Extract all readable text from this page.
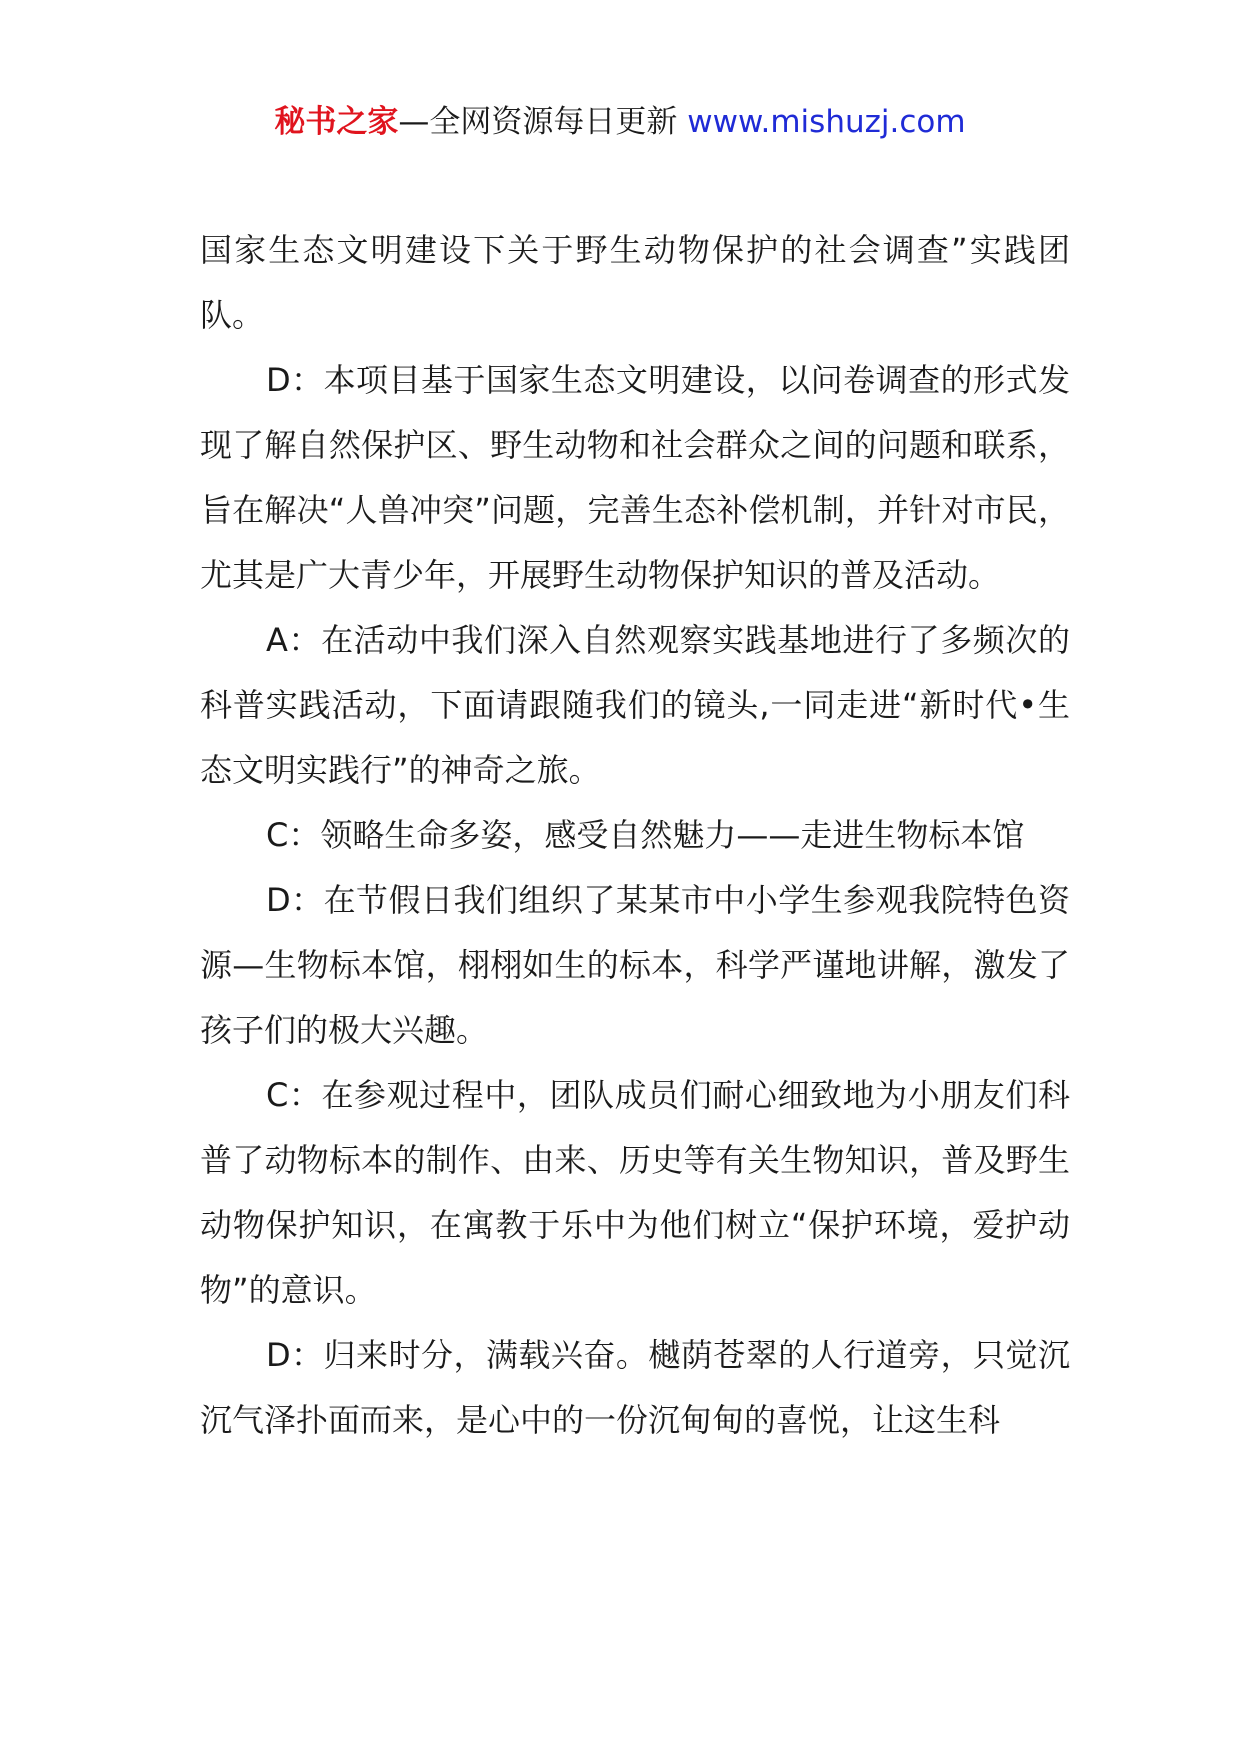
秘书之家—全网资源每日更新 www.mishuzj.com

国家生态文明建设下关于野生动物保护的社会调查”实践团队。

D：本项目基于国家生态文明建设，以问卷调查的形式发现了解自然保护区、野生动物和社会群众之间的问题和联系，旨在解决“人兽冲突”问题，完善生态补偿机制，并针对市民，尤其是广大青少年，开展野生动物保护知识的普及活动。

A：在活动中我们深入自然观察实践基地进行了多频次的科普实践活动，下面请跟随我们的镜头,一同走进“新时代•生态文明实践行”的神奇之旅。

C：领略生命多姿，感受自然魅力——走进生物标本馆

D：在节假日我们组织了某某市中小学生参观我院特色资源—生物标本馆，栩栩如生的标本，科学严谨地讲解，激发了孩子们的极大兴趣。

C：在参观过程中，团队成员们耐心细致地为小朋友们科普了动物标本的制作、由来、历史等有关生物知识，普及野生动物保护知识，在寓教于乐中为他们树立“保护环境，爱护动物”的意识。

D：归来时分，满载兴奋。樾荫苍翠的人行道旁，只觉沉沉气泽扑面而来，是心中的一份沉甸甸的喜悦，让这生科
